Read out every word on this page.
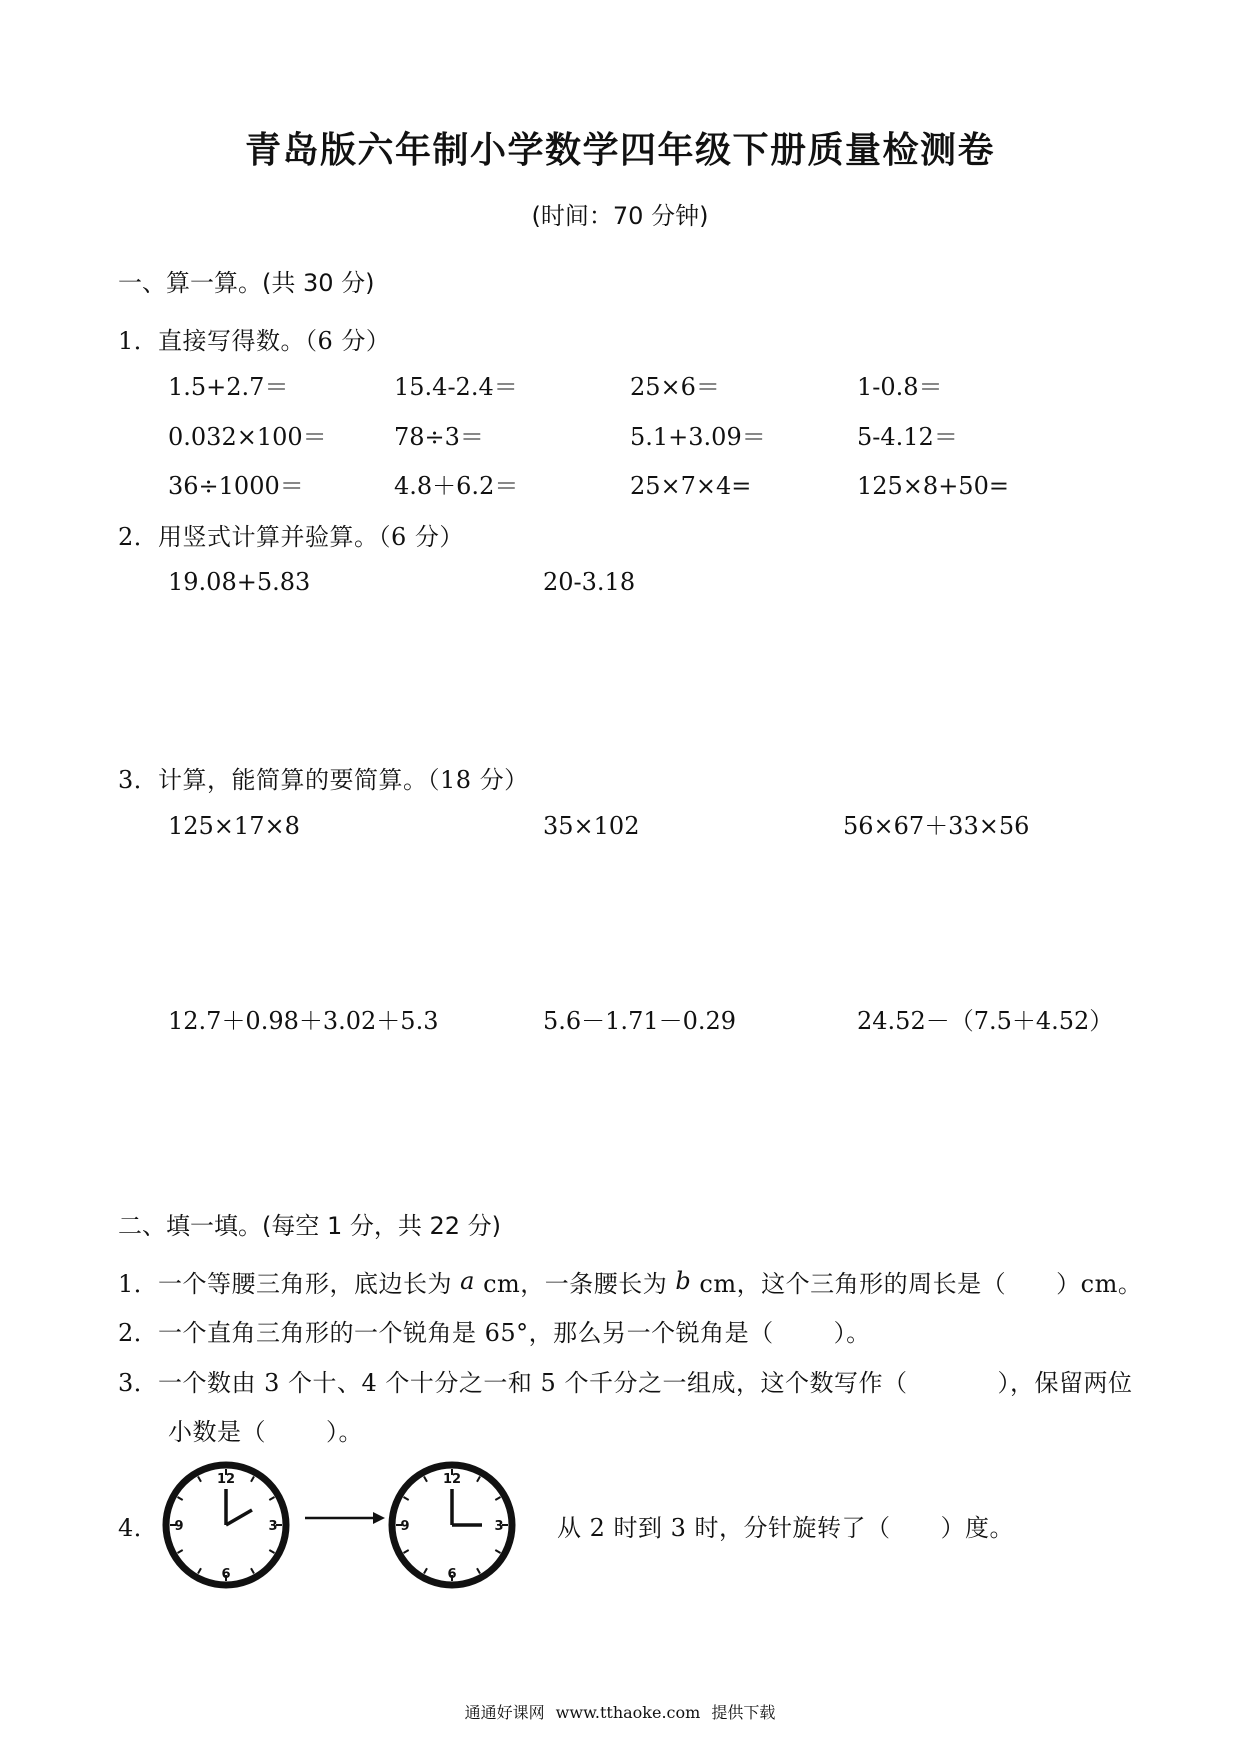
青岛版六年制小学数学四年级下册质量检测卷
(时间：70 分钟)
一、算一算。(共 30 分)
1． 直接写得数。（6 分）
1.5+2.7＝	15.4-2.4＝	25×6＝	1-0.8＝
0.032×100＝	78÷3＝	5.1+3.09＝	5-4.12＝
36÷1000＝	4.8＋6.2＝	25×7×4=	125×8+50=
2． 用竖式计算并验算。（6 分）
19.08+5.83	20-3.18
3． 计算，能简算的要简算。（18 分）
125×17×8	35×102	56×67＋33×56
12.7＋0.98＋3.02＋5.3	5.6－1.71－0.29	24.52－（7.5＋4.52）
二、填一填。(每空 1 分，共 22 分)
1． 一个等腰三角形，底边长为 a cm，一条腰长为 b cm，这个三角形的周长是（ ）cm。
2． 一个直角三角形的一个锐角是 65°，那么另一个锐角是（	）。
3． 一个数由 3 个十、4 个十分之一和 5 个千分之一组成，这个数写作（	），保留两位
小数是（	）。
4．
12
3
6
9
12
3
6
9	从 2 时到 3 时，分针旋转了（ ）度。
通通好课网 www.tthaoke.com 提供下载
